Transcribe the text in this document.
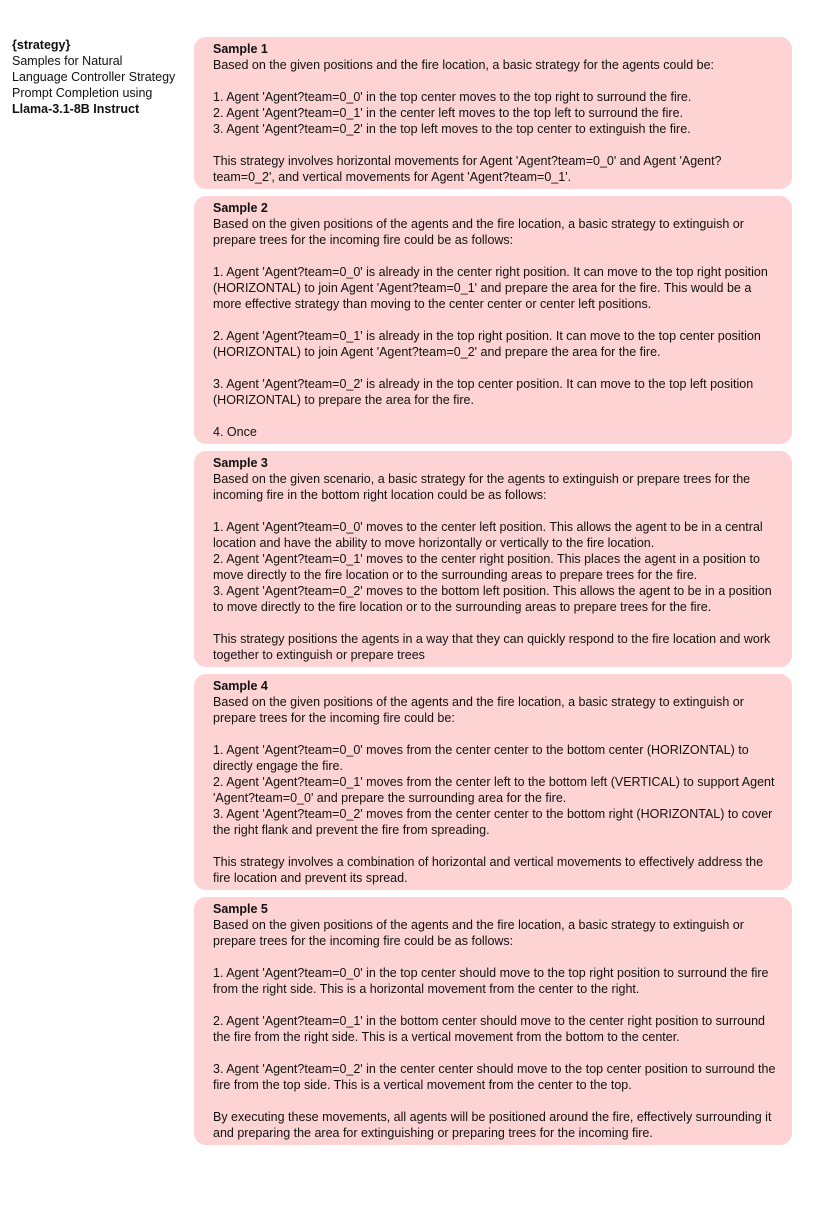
{strategy}
Samples for Natural
Language Controller Strategy
Prompt Completion using
Llama-3.1-8B Instruct
Sample 1

Based on the given positions and the fire location, a basic strategy for the agents could be:

1. Agent 'Agent?team=0_0' in the top center moves to the top right to surround the fire.

2. Agent 'Agent?team=0_1' in the center left moves to the top left to surround the fire.

3. Agent 'Agent?team=0_2' in the top left moves to the top center to extinguish the fire.

This strategy involves horizontal movements for Agent 'Agent?team=0_0' and Agent 'Agent?team=0_2', and vertical movements for Agent 'Agent?team=0_1'.

Sample 2

Based on the given positions of the agents and the fire location, a basic strategy to extinguish or prepare trees for the incoming fire could be as follows:

1. Agent 'Agent?team=0_0' is already in the center right position. It can move to the top right position (HORIZONTAL) to join Agent 'Agent?team=0_1' and prepare the area for the fire. This would be a more effective strategy than moving to the center center or center left positions.

2. Agent 'Agent?team=0_1' is already in the top right position. It can move to the top center position (HORIZONTAL) to join Agent 'Agent?team=0_2' and prepare the area for the fire.

3. Agent 'Agent?team=0_2' is already in the top center position. It can move to the top left position (HORIZONTAL) to prepare the area for the fire.

4. Once

Sample 3

Based on the given scenario, a basic strategy for the agents to extinguish or prepare trees for the incoming fire in the bottom right location could be as follows:

1. Agent 'Agent?team=0_0' moves to the center left position. This allows the agent to be in a central location and have the ability to move horizontally or vertically to the fire location.

2. Agent 'Agent?team=0_1' moves to the center right position. This places the agent in a position to move directly to the fire location or to the surrounding areas to prepare trees for the fire.

3. Agent 'Agent?team=0_2' moves to the bottom left position. This allows the agent to be in a position to move directly to the fire location or to the surrounding areas to prepare trees for the fire.

This strategy positions the agents in a way that they can quickly respond to the fire location and work together to extinguish or prepare trees

Sample 4

Based on the given positions of the agents and the fire location, a basic strategy to extinguish or prepare trees for the incoming fire could be:

1. Agent 'Agent?team=0_0' moves from the center center to the bottom center (HORIZONTAL) to directly engage the fire.

2. Agent 'Agent?team=0_1' moves from the center left to the bottom left (VERTICAL) to support Agent 'Agent?team=0_0' and prepare the surrounding area for the fire.

3. Agent 'Agent?team=0_2' moves from the center center to the bottom right (HORIZONTAL) to cover the right flank and prevent the fire from spreading.

This strategy involves a combination of horizontal and vertical movements to effectively address the fire location and prevent its spread.

Sample 5

Based on the given positions of the agents and the fire location, a basic strategy to extinguish or prepare trees for the incoming fire could be as follows:

1. Agent 'Agent?team=0_0' in the top center should move to the top right position to surround the fire from the right side. This is a horizontal movement from the center to the right.

2. Agent 'Agent?team=0_1' in the bottom center should move to the center right position to surround the fire from the right side. This is a vertical movement from the bottom to the center.

3. Agent 'Agent?team=0_2' in the center center should move to the top center position to surround the fire from the top side. This is a vertical movement from the center to the top.

By executing these movements, all agents will be positioned around the fire, effectively surrounding it and preparing the area for extinguishing or preparing trees for the incoming fire.
